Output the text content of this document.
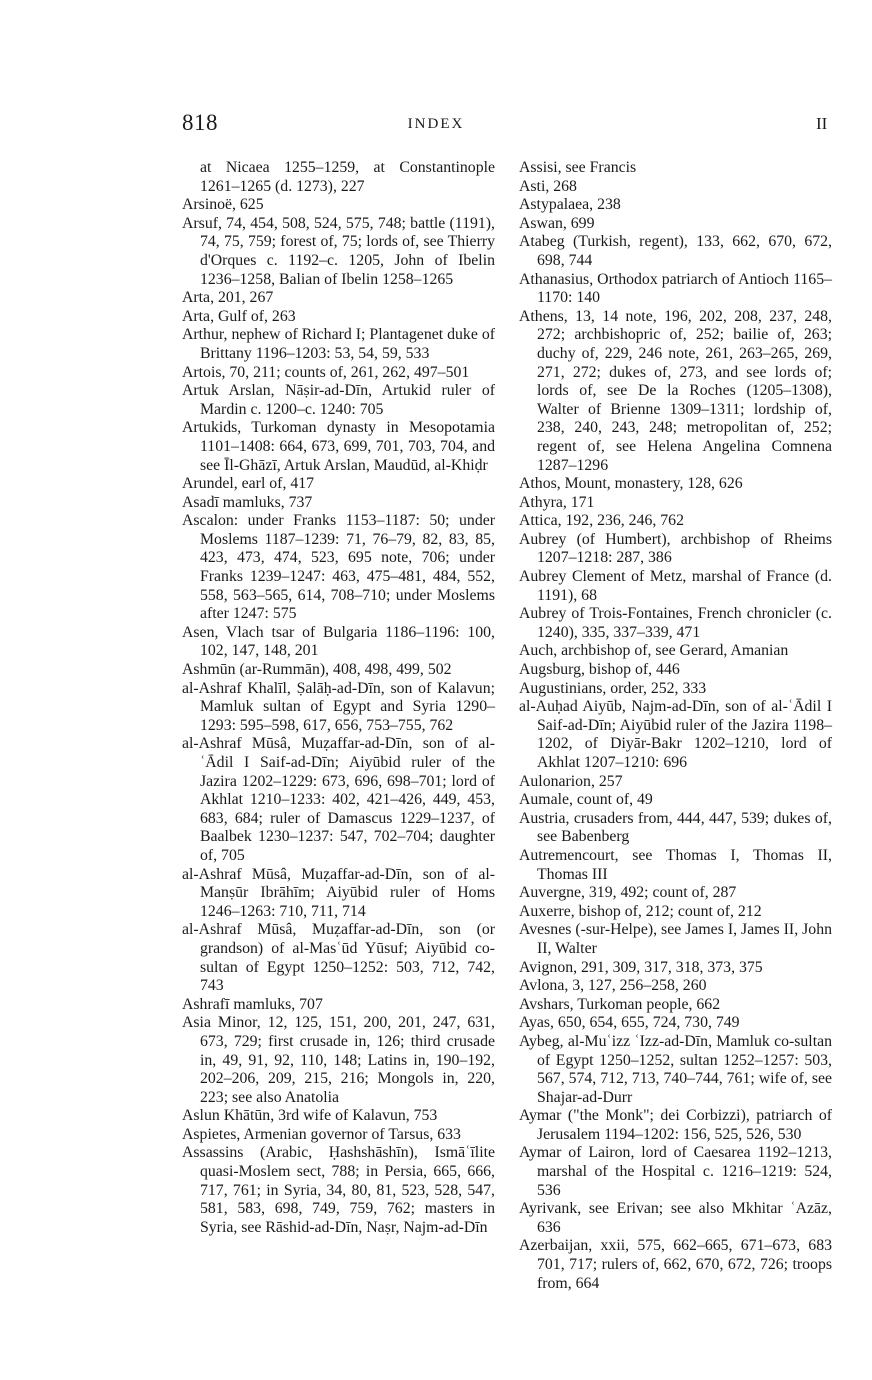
818	INDEX	II

at Nicaea 1255–1259, at Constantinople 1261–1265 (d. 1273), 227

Arsinoë, 625

Arsuf, 74, 454, 508, 524, 575, 748; battle (1191), 74, 75, 759; forest of, 75; lords of, see Thierry d'Orques c. 1192–c. 1205, John of Ibelin 1236–1258, Balian of Ibelin 1258–1265

Arta, 201, 267

Arta, Gulf of, 263

Arthur, nephew of Richard I; Plantagenet duke of Brittany 1196–1203: 53, 54, 59, 533

Artois, 70, 211; counts of, 261, 262, 497–501

Artuk Arslan, Nāṣir-ad-Dīn, Artukid ruler of Mardin c. 1200–c. 1240: 705

Artukids, Turkoman dynasty in Mesopotamia 1101–1408: 664, 673, 699, 701, 703, 704, and see Īl-Ghāzī, Artuk Arslan, Maudūd, al-Khiḍr

Arundel, earl of, 417

Asadī mamluks, 737

Ascalon: under Franks 1153–1187: 50; under Moslems 1187–1239: 71, 76–79, 82, 83, 85, 423, 473, 474, 523, 695 note, 706; under Franks 1239–1247: 463, 475–481, 484, 552, 558, 563–565, 614, 708–710; under Moslems after 1247: 575

Asen, Vlach tsar of Bulgaria 1186–1196: 100, 102, 147, 148, 201

Ashmūn (ar-Rummān), 408, 498, 499, 502

al-Ashraf Khalīl, Ṣalāḥ-ad-Dīn, son of Kalavun; Mamluk sultan of Egypt and Syria 1290–1293: 595–598, 617, 656, 753–755, 762

al-Ashraf Mūsâ, Muẓaffar-ad-Dīn, son of al-ʿĀdil I Saif-ad-Dīn; Aiyūbid ruler of the Jazira 1202–1229: 673, 696, 698–701; lord of Akhlat 1210–1233: 402, 421–426, 449, 453, 683, 684; ruler of Damascus 1229–1237, of Baalbek 1230–1237: 547, 702–704; daughter of, 705

al-Ashraf Mūsâ, Muẓaffar-ad-Dīn, son of al-Manṣūr Ibrāhīm; Aiyūbid ruler of Homs 1246–1263: 710, 711, 714

al-Ashraf Mūsâ, Muẓaffar-ad-Dīn, son (or grandson) of al-Masʿūd Yūsuf; Aiyūbid co-sultan of Egypt 1250–1252: 503, 712, 742, 743

Ashrafī mamluks, 707

Asia Minor, 12, 125, 151, 200, 201, 247, 631, 673, 729; first crusade in, 126; third crusade in, 49, 91, 92, 110, 148; Latins in, 190–192, 202–206, 209, 215, 216; Mongols in, 220, 223; see also Anatolia

Aslun Khātūn, 3rd wife of Kalavun, 753

Aspietes, Armenian governor of Tarsus, 633

Assassins (Arabic, Ḥashshāshīn), Ismāʿīlite quasi-Moslem sect, 788; in Persia, 665, 666, 717, 761; in Syria, 34, 80, 81, 523, 528, 547, 581, 583, 698, 749, 759, 762; masters in Syria, see Rāshid-ad-Dīn, Naṣr, Najm-ad-Dīn

Assisi, see Francis

Asti, 268

Astypalaea, 238

Aswan, 699

Atabeg (Turkish, regent), 133, 662, 670, 672, 698, 744

Athanasius, Orthodox patriarch of Antioch 1165–1170: 140

Athens, 13, 14 note, 196, 202, 208, 237, 248, 272; archbishopric of, 252; bailie of, 263; duchy of, 229, 246 note, 261, 263–265, 269, 271, 272; dukes of, 273, and see lords of; lords of, see De la Roches (1205–1308), Walter of Brienne 1309–1311; lordship of, 238, 240, 243, 248; metropolitan of, 252; regent of, see Helena Angelina Comnena 1287–1296

Athos, Mount, monastery, 128, 626

Athyra, 171

Attica, 192, 236, 246, 762

Aubrey (of Humbert), archbishop of Rheims 1207–1218: 287, 386

Aubrey Clement of Metz, marshal of France (d. 1191), 68

Aubrey of Trois-Fontaines, French chronicler (c. 1240), 335, 337–339, 471

Auch, archbishop of, see Gerard, Amanian

Augsburg, bishop of, 446

Augustinians, order, 252, 333

al-Auḥad Aiyūb, Najm-ad-Dīn, son of al-ʿĀdil I Saif-ad-Dīn; Aiyūbid ruler of the Jazira 1198–1202, of Diyār-Bakr 1202–1210, lord of Akhlat 1207–1210: 696

Aulonarion, 257

Aumale, count of, 49

Austria, crusaders from, 444, 447, 539; dukes of, see Babenberg

Autremencourt, see Thomas I, Thomas II, Thomas III

Auvergne, 319, 492; count of, 287

Auxerre, bishop of, 212; count of, 212

Avesnes (-sur-Helpe), see James I, James II, John II, Walter

Avignon, 291, 309, 317, 318, 373, 375

Avlona, 3, 127, 256–258, 260

Avshars, Turkoman people, 662

Ayas, 650, 654, 655, 724, 730, 749

Aybeg, al-Muʿizz ʿIzz-ad-Dīn, Mamluk co-sultan of Egypt 1250–1252, sultan 1252–1257: 503, 567, 574, 712, 713, 740–744, 761; wife of, see Shajar-ad-Durr

Aymar ("the Monk"; dei Corbizzi), patriarch of Jerusalem 1194–1202: 156, 525, 526, 530

Aymar of Lairon, lord of Caesarea 1192–1213, marshal of the Hospital c. 1216–1219: 524, 536

Ayrivank, see Erivan; see also Mkhitar ʿAzāz, 636

Azerbaijan, xxii, 575, 662–665, 671–673, 683 701, 717; rulers of, 662, 670, 672, 726; troops from, 664
